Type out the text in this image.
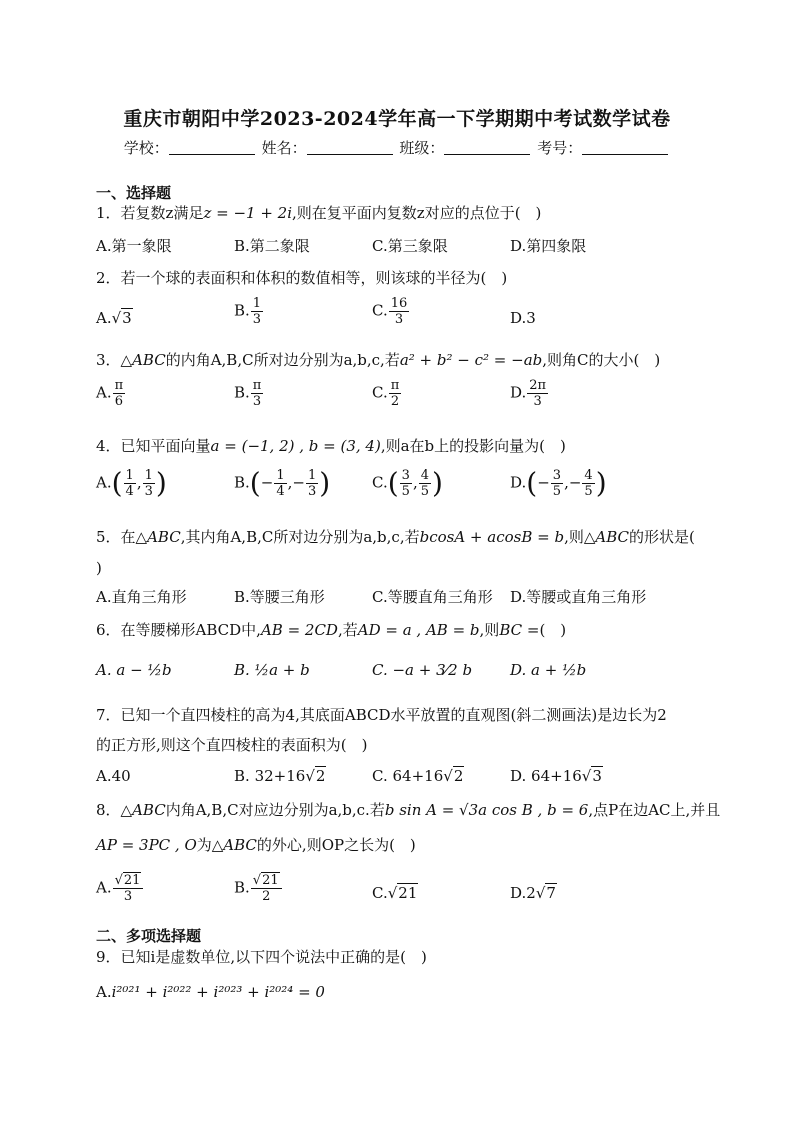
重庆市朝阳中学2023-2024学年高一下学期期中考试数学试卷
学校：	姓名：	班级：	考号：
一、选择题
1．若复数z满足z = −1 + 2i,则在复平面内复数z对应的点位于(　)
A.第一象限	B.第二象限	C.第三象限	D.第四象限
2．若一个球的表面积和体积的数值相等，则该球的半径为(　)
A.√3	B. $\frac{1}{3}$	C. $\frac{16}{3}$	D.3
3．△ABC的内角A,B,C所对边分别为a,b,c,若a² + b² − c² = −ab,则角C的大小(　)
A. $\frac{\pi}{6}$	B. $\frac{\pi}{3}$	C. $\frac{\pi}{2}$	D. $\frac{2\pi}{3}$
4．已知平面向量a = (−1, 2) , b = (3, 4),则a在b上的投影向量为(　)
$A.( \frac{1}{4}$ , $\frac{1}{3}$ )	$B.(- \frac{1}{4}$ ,− $\frac{1}{3}$ )	$C.( \frac{3}{5}$ , $\frac{4}{5}$ )	$D.(- \frac{3}{5}$ ,− $\frac{4}{5}$ )
5．在△ABC,其内角A,B,C所对边分别为a,b,c,若bcosA + acosB = b,则△ABC的形状是(
)
A.直角三角形	B.等腰三角形	C.等腰直角三角形 D.等腰或直角三角形
6．在等腰梯形ABCD中,AB = 2CD,若AD = a , AB = b,则BC =(　)
A. a − ½b	B. ½a + b	C. −a + 3⁄2 b	D. a + ½b
7．已知一个直四棱柱的高为4,其底面ABCD水平放置的直观图(斜二测画法)是边长为2
的正方形,则这个直四棱柱的表面积为(　)
A.40	B. 32+16√2	C. 64+16√2	D. 64+16√3
8．△ABC内角A,B,C对应边分别为a,b,c.若b sin A = √3a cos B , b = 6,点P在边AC上,并且
AP = 3PC , O为△ABC的外心,则OP之长为(　)
A. $\frac{√21}{3}$	B. $\frac{√21}{2}$	C.√21	D.2√7
二、多项选择题
9．已知i是虚数单位,以下四个说法中正确的是(　)
A.i²⁰²¹ + i²⁰²² + i²⁰²³ + i²⁰²⁴ = 0
